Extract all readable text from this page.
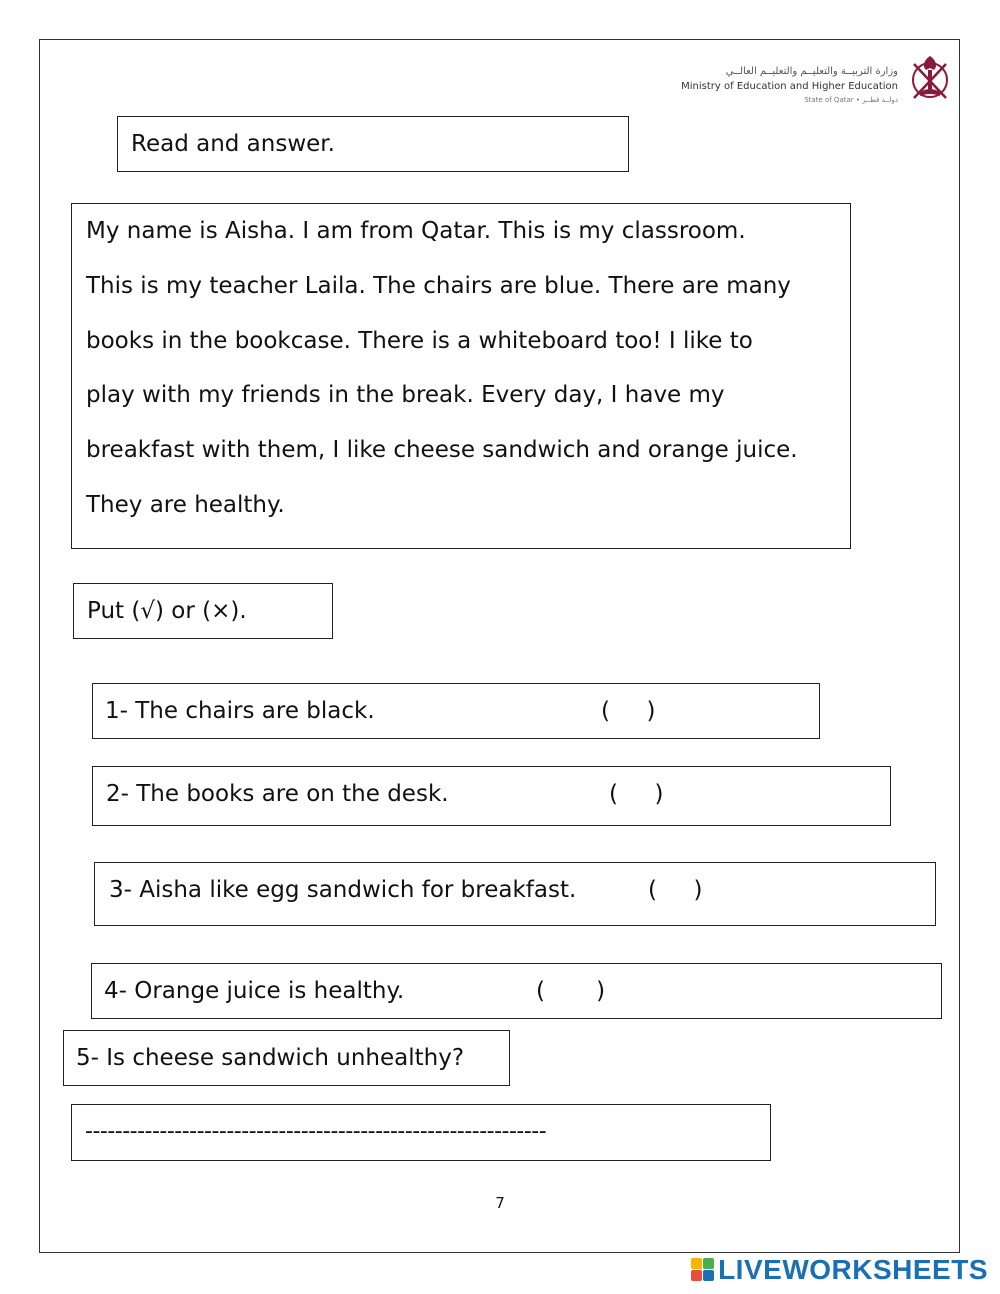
وزارة التربيــة والتعليــم والتعليــم العالــي
Ministry of Education and Higher Education
State of Qatar • دولــة قطــر
Read and answer.
My name is Aisha. I am from Qatar. This is my classroom.
This is my teacher Laila. The chairs are blue. There are many
books in the bookcase. There is a whiteboard too! I like to
play with my friends in the break. Every day, I have my
breakfast with them, I like cheese sandwich and orange juice.
They are healthy.
Put (√) or (×).
1- The chairs are black.	(     )
2- The books are on the desk.	(     )
3- Aisha like egg sandwich for breakfast.	(     )
4- Orange juice is healthy.	(       )
5- Is cheese sandwich unhealthy?
--------------------------------------------------------------
7
LIVEWORKSHEETS
